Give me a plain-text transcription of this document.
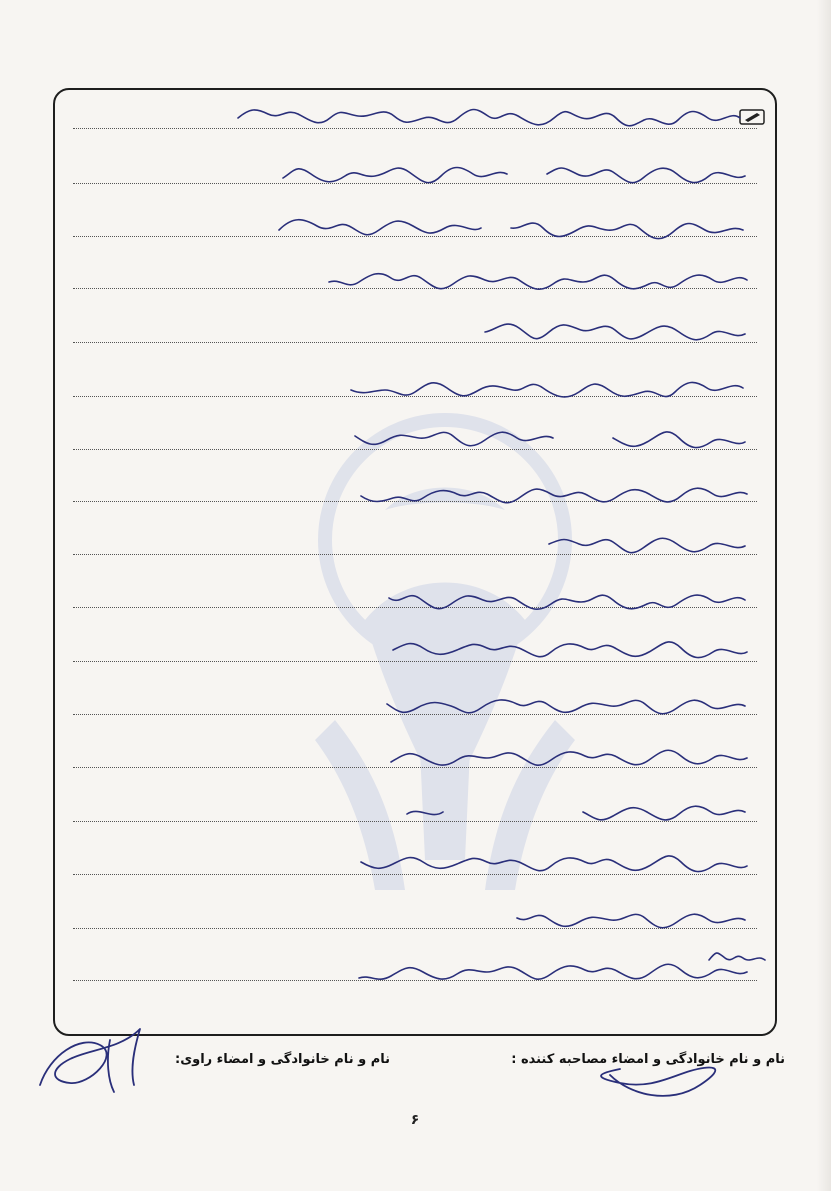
نام و نام خانوادگی و امضاء مصاحبه کننده :
نام و نام خانوادگی و امضاء راوی:
۶
